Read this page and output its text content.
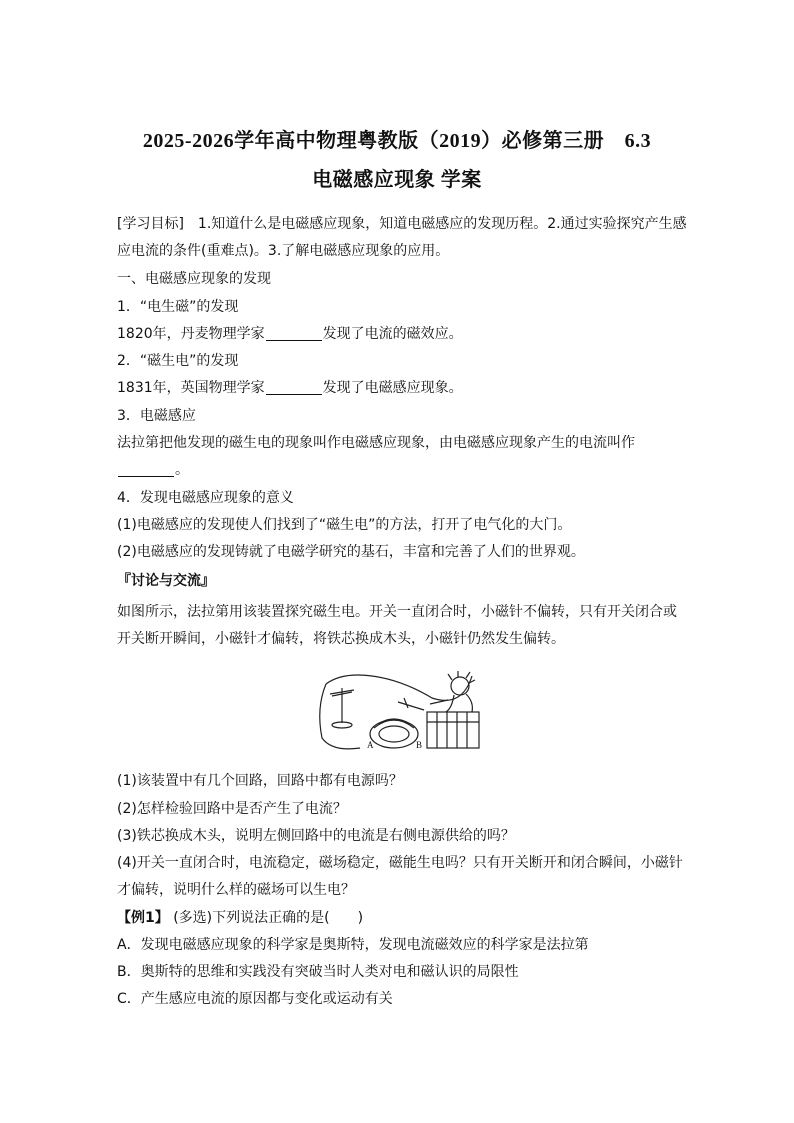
2025-2026学年高中物理粤教版（2019）必修第三册　6.3
电磁感应现象 学案
[学习目标]　1.知道什么是电磁感应现象，知道电磁感应的发现历程。2.通过实验探究产生感
应电流的条件(重难点)。3.了解电磁感应现象的应用。
一、电磁感应现象的发现
1．“电生磁”的发现
1820年，丹麦物理学家	发现了电流的磁效应。
2．“磁生电”的发现
1831年，英国物理学家	发现了电磁感应现象。
3．电磁感应
法拉第把他发现的磁生电的现象叫作电磁感应现象，由电磁感应现象产生的电流叫作
。
4．发现电磁感应现象的意义
(1)电磁感应的发现使人们找到了“磁生电”的方法，打开了电气化的大门。
(2)电磁感应的发现铸就了电磁学研究的基石，丰富和完善了人们的世界观。
『讨论与交流』
如图所示，法拉第用该装置探究磁生电。开关一直闭合时，小磁针不偏转，只有开关闭合或
开关断开瞬间，小磁针才偏转，将铁芯换成木头，小磁针仍然发生偏转。
A	B
(1)该装置中有几个回路，回路中都有电源吗？
(2)怎样检验回路中是否产生了电流？
(3)铁芯换成木头，说明左侧回路中的电流是右侧电源供给的吗？
(4)开关一直闭合时，电流稳定，磁场稳定，磁能生电吗？只有开关断开和闭合瞬间，小磁针
才偏转，说明什么样的磁场可以生电？
【例1】 (多选)下列说法正确的是(　　)
A．发现电磁感应现象的科学家是奥斯特，发现电流磁效应的科学家是法拉第
B．奥斯特的思维和实践没有突破当时人类对电和磁认识的局限性
C．产生感应电流的原因都与变化或运动有关
